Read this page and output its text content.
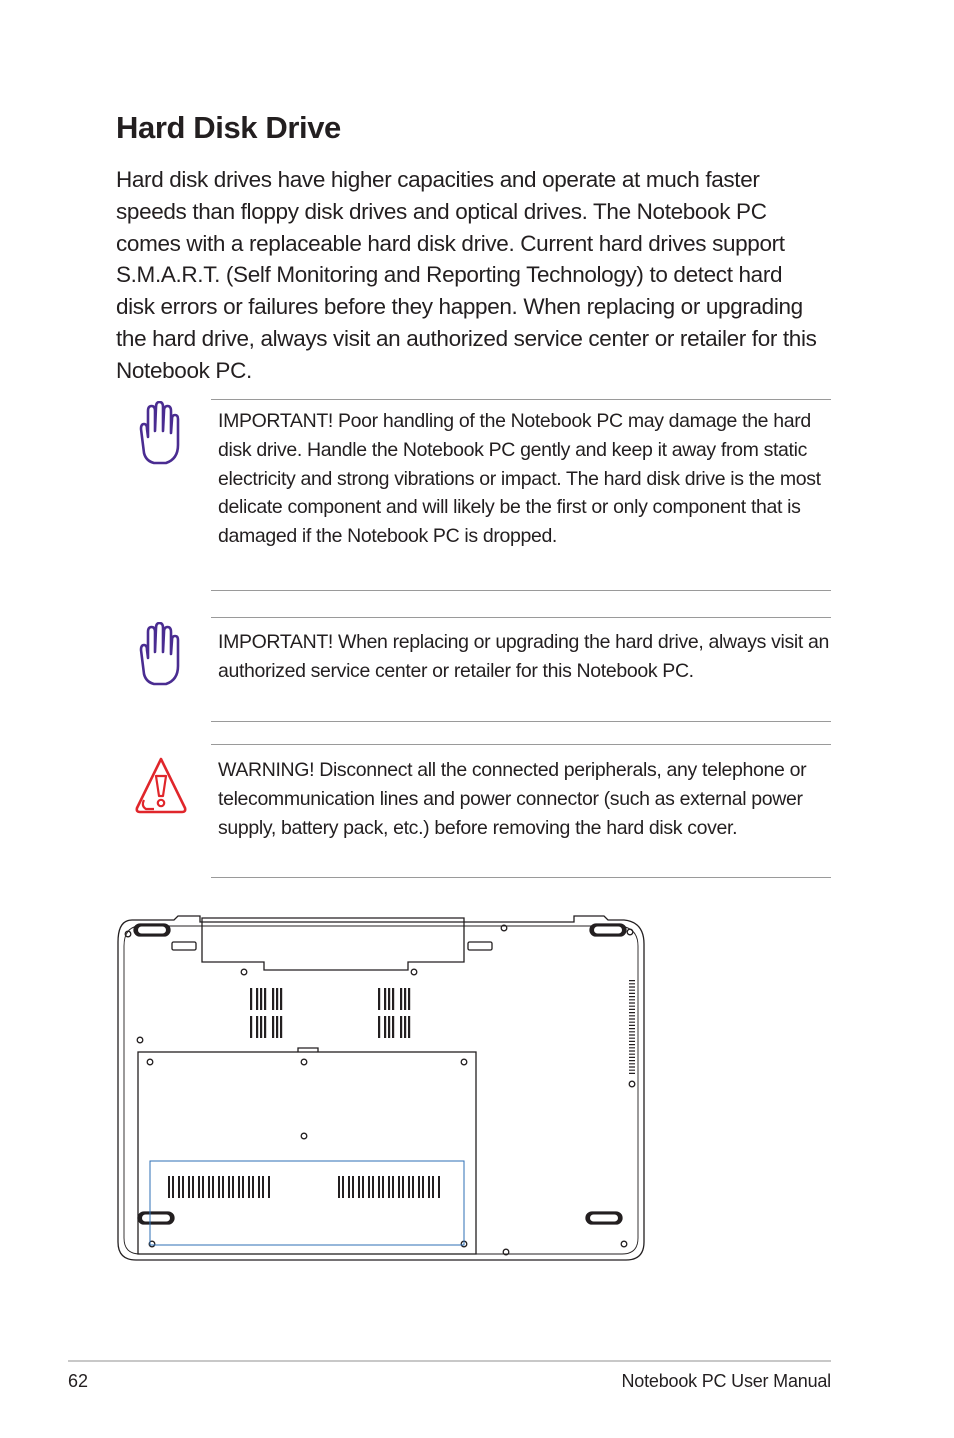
Hard Disk Drive

Hard disk drives have higher capacities and operate at much faster speeds than floppy disk drives and optical drives. The Notebook PC comes with a replaceable hard disk drive. Current hard drives support S.M.A.R.T. (Self Monitoring and Reporting Technology) to detect hard disk errors or failures before they happen. When replacing or upgrading the hard drive, always visit an authorized service center or retailer for this Notebook PC.

IMPORTANT! Poor handling of the Notebook PC may damage the hard disk drive. Handle the Notebook PC gently and keep it away from static electricity and strong vibrations or impact. The hard disk drive is the most delicate component and will likely be the first or only component that is damaged if the Notebook PC is dropped.

IMPORTANT! When replacing or upgrading the hard drive, always visit an authorized service center or retailer for this Notebook PC.

WARNING! Disconnect all the connected peripherals, any telephone or telecommunication lines and power connector (such as external power supply, battery pack, etc.) before removing the hard disk cover.

62	Notebook PC User Manual
